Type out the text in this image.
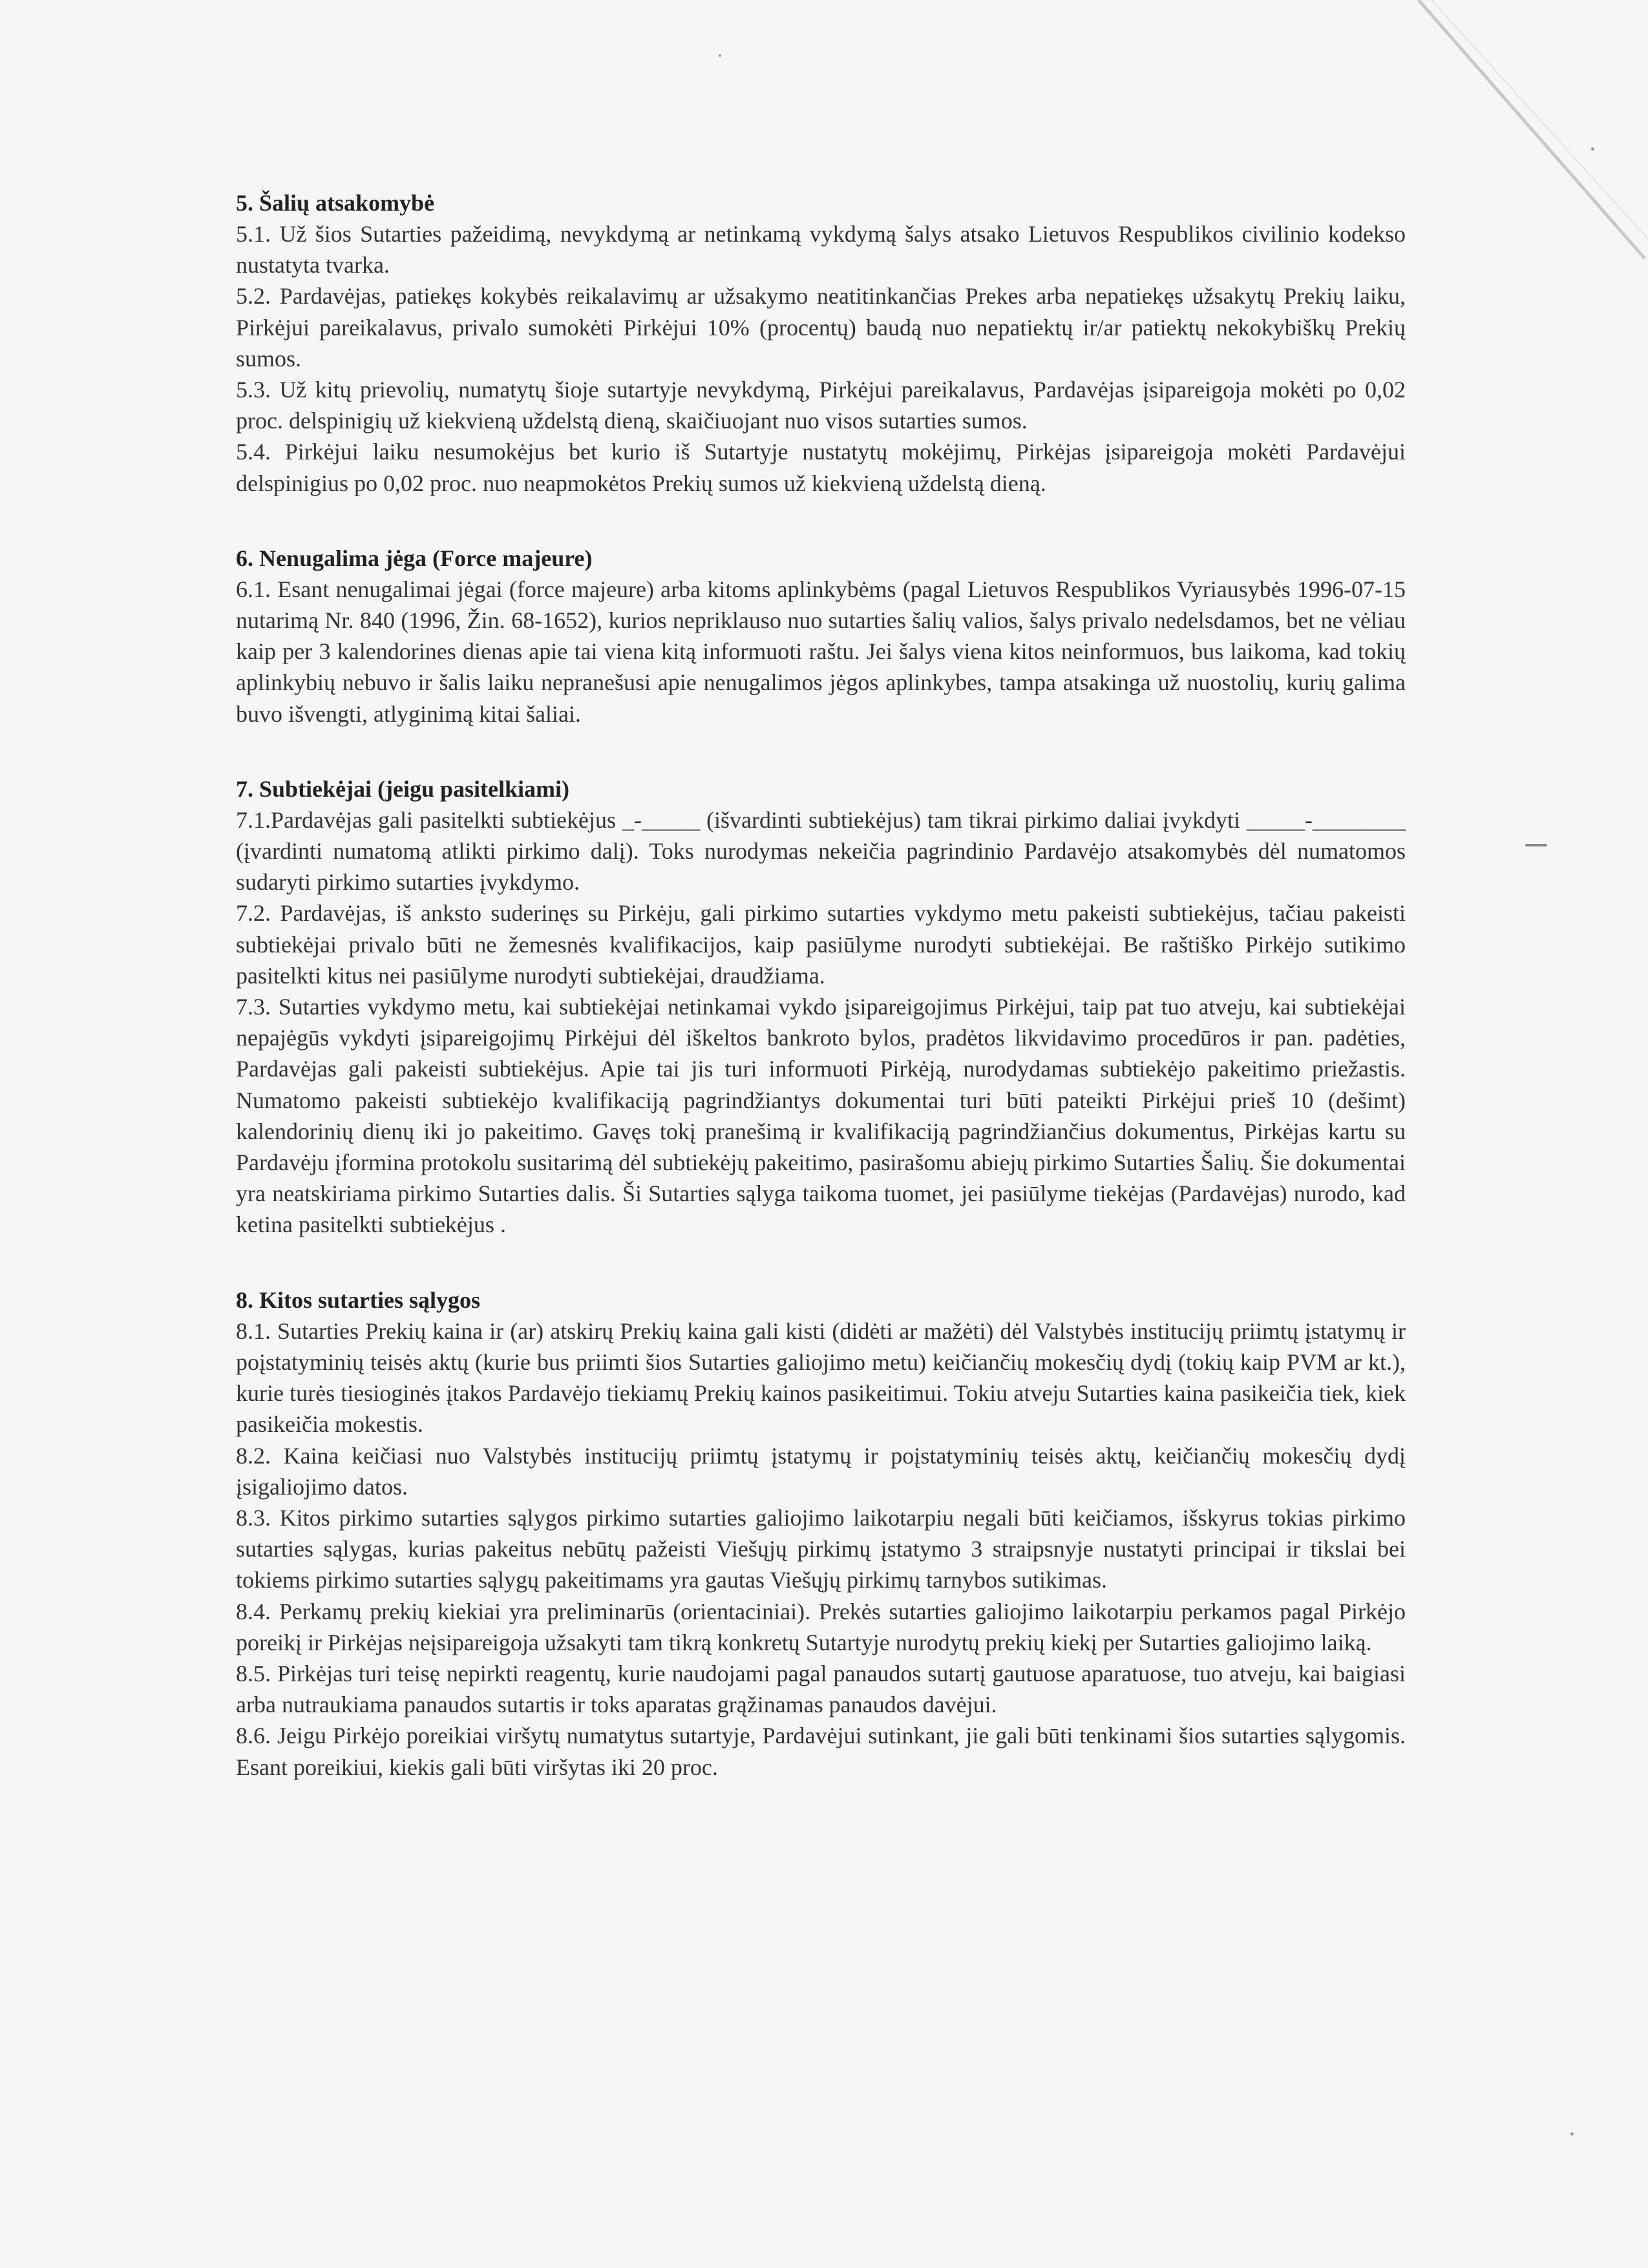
5. Šalių atsakomybė

5.1. Už šios Sutarties pažeidimą, nevykdymą ar netinkamą vykdymą šalys atsako Lietuvos Respublikos civilinio kodekso nustatyta tvarka.

5.2. Pardavėjas, patiekęs kokybės reikalavimų ar užsakymo neatitinkančias Prekes arba nepatiekęs užsakytų Prekių laiku, Pirkėjui pareikalavus, privalo sumokėti Pirkėjui 10% (procentų) baudą nuo nepatiektų ir/ar patiektų nekokybiškų Prekių sumos.

5.3. Už kitų prievolių, numatytų šioje sutartyje nevykdymą, Pirkėjui pareikalavus, Pardavėjas įsipareigoja mokėti po 0,02 proc. delspinigių už kiekvieną uždelstą dieną, skaičiuojant nuo visos sutarties sumos.

5.4. Pirkėjui laiku nesumokėjus bet kurio iš Sutartyje nustatytų mokėjimų, Pirkėjas įsipareigoja mokėti Pardavėjui delspinigius po 0,02 proc. nuo neapmokėtos Prekių sumos už kiekvieną uždelstą dieną.

6. Nenugalima jėga (Force majeure)

6.1. Esant nenugalimai jėgai (force majeure) arba kitoms aplinkybėms (pagal Lietuvos Respublikos Vyriausybės 1996-07-15 nutarimą Nr. 840 (1996, Žin. 68-1652), kurios nepriklauso nuo sutarties šalių valios, šalys privalo nedelsdamos, bet ne vėliau kaip per 3 kalendorines dienas apie tai viena kitą informuoti raštu. Jei šalys viena kitos neinformuos, bus laikoma, kad tokių aplinkybių nebuvo ir šalis laiku nepranešusi apie nenugalimos jėgos aplinkybes, tampa atsakinga už nuostolių, kurių galima buvo išvengti, atlyginimą kitai šaliai.

7. Subtiekėjai (jeigu pasitelkiami)

7.1.Pardavėjas gali pasitelkti subtiekėjus _-_____ (išvardinti subtiekėjus) tam tikrai pirkimo daliai įvykdyti _____-________ (įvardinti numatomą atlikti pirkimo dalį). Toks nurodymas nekeičia pagrindinio Pardavėjo atsakomybės dėl numatomos sudaryti pirkimo sutarties įvykdymo.

7.2. Pardavėjas, iš anksto suderinęs su Pirkėju, gali pirkimo sutarties vykdymo metu pakeisti subtiekėjus, tačiau pakeisti subtiekėjai privalo būti ne žemesnės kvalifikacijos, kaip pasiūlyme nurodyti subtiekėjai. Be raštiško Pirkėjo sutikimo pasitelkti kitus nei pasiūlyme nurodyti subtiekėjai, draudžiama.

7.3. Sutarties vykdymo metu, kai subtiekėjai netinkamai vykdo įsipareigojimus Pirkėjui, taip pat tuo atveju, kai subtiekėjai nepajėgūs vykdyti įsipareigojimų Pirkėjui dėl iškeltos bankroto bylos, pradėtos likvidavimo procedūros ir pan. padėties, Pardavėjas gali pakeisti subtiekėjus. Apie tai jis turi informuoti Pirkėją, nurodydamas subtiekėjo pakeitimo priežastis. Numatomo pakeisti subtiekėjo kvalifikaciją pagrindžiantys dokumentai turi būti pateikti Pirkėjui prieš 10 (dešimt) kalendorinių dienų iki jo pakeitimo. Gavęs tokį pranešimą ir kvalifikaciją pagrindžiančius dokumentus, Pirkėjas kartu su Pardavėju įformina protokolu susitarimą dėl subtiekėjų pakeitimo, pasirašomu abiejų pirkimo Sutarties Šalių. Šie dokumentai yra neatskiriama pirkimo Sutarties dalis. Ši Sutarties sąlyga taikoma tuomet, jei pasiūlyme tiekėjas (Pardavėjas) nurodo, kad ketina pasitelkti subtiekėjus .

8. Kitos sutarties sąlygos

8.1. Sutarties Prekių kaina ir (ar) atskirų Prekių kaina gali kisti (didėti ar mažėti) dėl Valstybės institucijų priimtų įstatymų ir poįstatyminių teisės aktų (kurie bus priimti šios Sutarties galiojimo metu) keičiančių mokesčių dydį (tokių kaip PVM ar kt.), kurie turės tiesioginės įtakos Pardavėjo tiekiamų Prekių kainos pasikeitimui. Tokiu atveju Sutarties kaina pasikeičia tiek, kiek pasikeičia mokestis.

8.2. Kaina keičiasi nuo Valstybės institucijų priimtų įstatymų ir poįstatyminių teisės aktų, keičiančių mokesčių dydį įsigaliojimo datos.

8.3. Kitos pirkimo sutarties sąlygos pirkimo sutarties galiojimo laikotarpiu negali būti keičiamos, išskyrus tokias pirkimo sutarties sąlygas, kurias pakeitus nebūtų pažeisti Viešųjų pirkimų įstatymo 3 straipsnyje nustatyti principai ir tikslai bei tokiems pirkimo sutarties sąlygų pakeitimams yra gautas Viešųjų pirkimų tarnybos sutikimas.

8.4. Perkamų prekių kiekiai yra preliminarūs (orientaciniai). Prekės sutarties galiojimo laikotarpiu perkamos pagal Pirkėjo poreikį ir Pirkėjas neįsipareigoja užsakyti tam tikrą konkretų Sutartyje nurodytų prekių kiekį per Sutarties galiojimo laiką.

8.5. Pirkėjas turi teisę nepirkti reagentų, kurie naudojami pagal panaudos sutartį gautuose aparatuose, tuo atveju, kai baigiasi arba nutraukiama panaudos sutartis ir toks aparatas grąžinamas panaudos davėjui.

8.6. Jeigu Pirkėjo poreikiai viršytų numatytus sutartyje, Pardavėjui sutinkant, jie gali būti tenkinami šios sutarties sąlygomis. Esant poreikiui, kiekis gali būti viršytas iki 20 proc.
